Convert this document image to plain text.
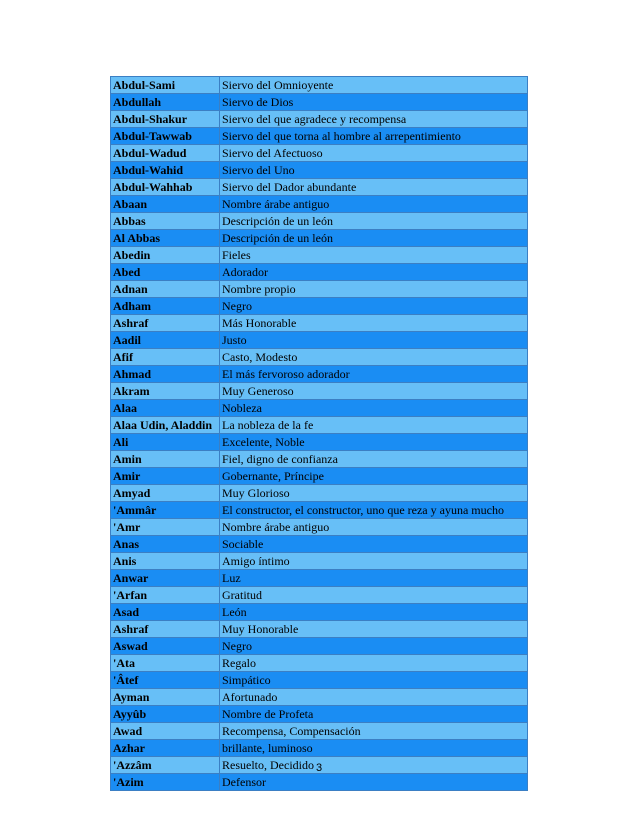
Abdul-Sami	Siervo del Omnioyente
Abdullah	Siervo de Dios
Abdul-Shakur	Siervo del que agradece y recompensa
Abdul-Tawwab	Siervo del que torna al hombre al arrepentimiento
Abdul-Wadud	Siervo del Afectuoso
Abdul-Wahid	Siervo del Uno
Abdul-Wahhab	Siervo del Dador abundante
Abaan	Nombre árabe antiguo
Abbas	Descripción de un león
Al Abbas	Descripción de un león
Abedin	Fieles
Abed	Adorador
Adnan	Nombre propio
Adham	Negro
Ashraf	Más Honorable
Aadil	Justo
Afif	Casto, Modesto
Ahmad	El más fervoroso adorador
Akram	Muy Generoso
Alaa	Nobleza
Alaa Udin, Aladdin	La nobleza de la fe
Ali	Excelente, Noble
Amin	Fiel, digno de confianza
Amir	Gobernante, Príncipe
Amyad	Muy Glorioso
'Ammâr	El constructor, el constructor, uno que reza y ayuna mucho
'Amr	Nombre árabe antiguo
Anas	Sociable
Anis	Amigo íntimo
Anwar	Luz
'Arfan	Gratitud
Asad	León
Ashraf	Muy Honorable
Aswad	Negro
'Ata	Regalo
'Âtef	Simpático
Ayman	Afortunado
Ayyûb	Nombre de Profeta
Awad	Recompensa, Compensación
Azhar	brillante, luminoso
'Azzâm	Resuelto, Decidido
'Azim	Defensor
3
